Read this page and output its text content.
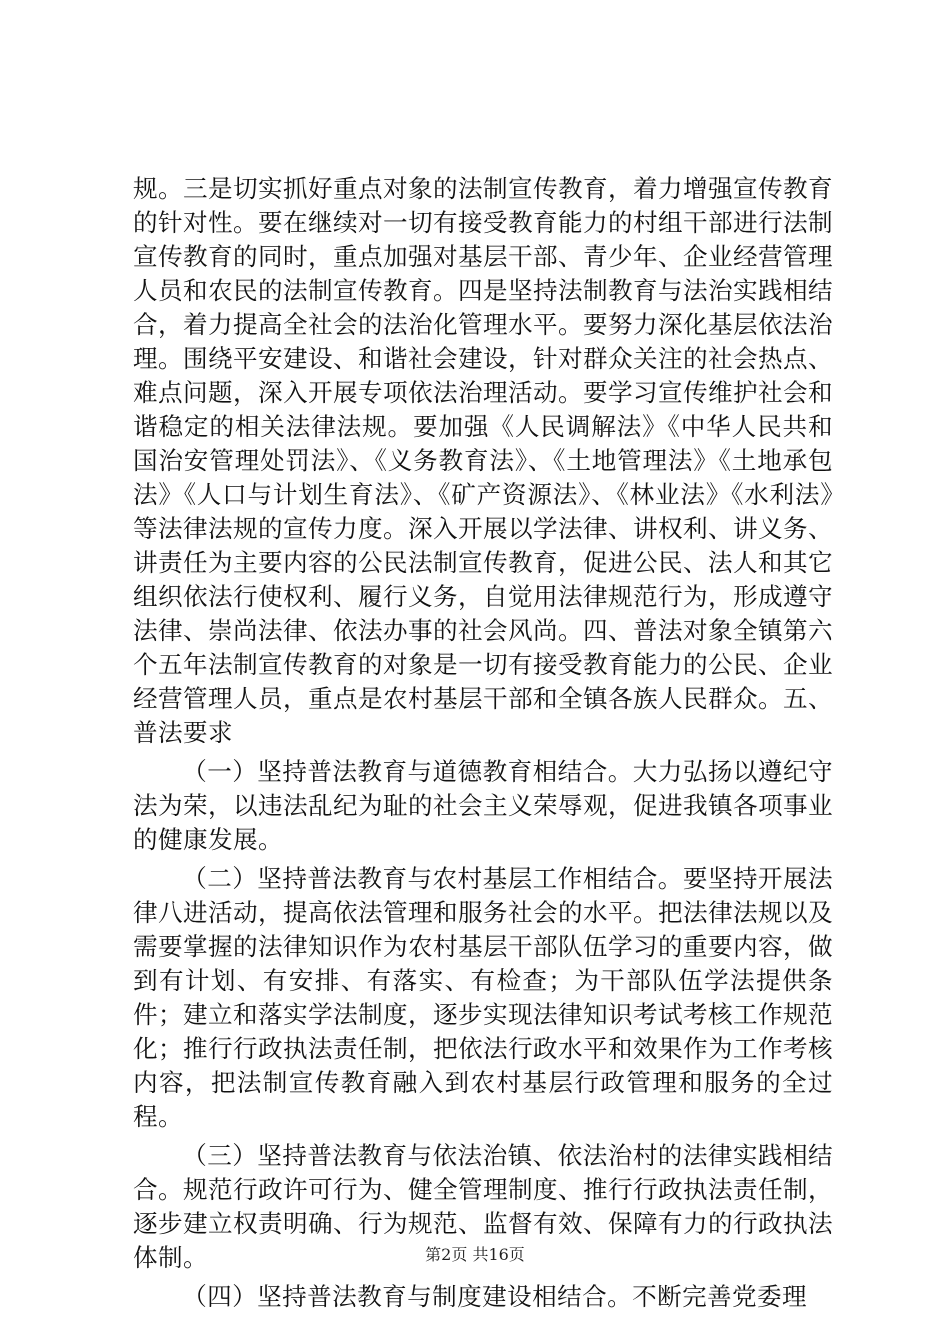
规。三是切实抓好重点对象的法制宣传教育，着力增强宣传教育的针对性。要在继续对一切有接受教育能力的村组干部进行法制宣传教育的同时，重点加强对基层干部、青少年、企业经营管理人员和农民的法制宣传教育。四是坚持法制教育与法治实践相结合，着力提高全社会的法治化管理水平。要努力深化基层依法治理。围绕平安建设、和谐社会建设，针对群众关注的社会热点、难点问题，深入开展专项依法治理活动。要学习宣传维护社会和谐稳定的相关法律法规。要加强《人民调解法》《中华人民共和国治安管理处罚法》、《义务教育法》、《土地管理法》《土地承包法》《人口与计划生育法》、《矿产资源法》、《林业法》《水利法》等法律法规的宣传力度。深入开展以学法律、讲权利、讲义务、讲责任为主要内容的公民法制宣传教育，促进公民、法人和其它组织依法行使权利、履行义务，自觉用法律规范行为，形成遵守法律、崇尚法律、依法办事的社会风尚。四、普法对象全镇第六个五年法制宣传教育的对象是一切有接受教育能力的公民、企业经营管理人员，重点是农村基层干部和全镇各族人民群众。五、普法要求

（一）坚持普法教育与道德教育相结合。大力弘扬以遵纪守法为荣，以违法乱纪为耻的社会主义荣辱观，促进我镇各项事业的健康发展。

（二）坚持普法教育与农村基层工作相结合。要坚持开展法律八进活动，提高依法管理和服务社会的水平。把法律法规以及需要掌握的法律知识作为农村基层干部队伍学习的重要内容，做到有计划、有安排、有落实、有检查；为干部队伍学法提供条件；建立和落实学法制度，逐步实现法律知识考试考核工作规范化；推行行政执法责任制，把依法行政水平和效果作为工作考核内容，把法制宣传教育融入到农村基层行政管理和服务的全过程。

（三）坚持普法教育与依法治镇、依法治村的法律实践相结合。规范行政许可行为、健全管理制度、推行行政执法责任制，逐步建立权责明确、行为规范、监督有效、保障有力的行政执法体制。

（四）坚持普法教育与制度建设相结合。不断完善党委理

第2页 共16页
